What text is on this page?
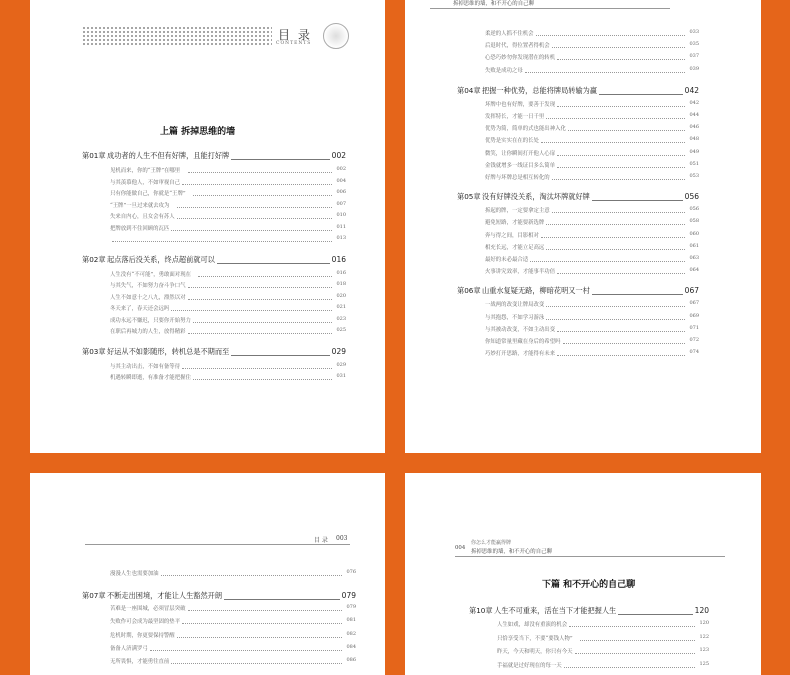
目 录
CONTENTS
上篇 拆掉思维的墙
第01章 成功者的人生不但有好牌，且能打好牌	002
见机而来，你的“王牌”在哪里	002
与其羡慕他人，不如审视自己	004
只有你能做自己，你就是“王牌”	006
“王牌”一旦过来就去攻为	007
失来自内心，且女会有苏人	010
把牌放到不住回顾的瓦匹	011
013
第02章 起点落后没关系，终点超前就可以	016
人生没有“不可能”，勇敢面对现在	016
与其失气，不如努力奋斗争口气	018
人生不如意十之八九，漂然以对	020
冬天来了，春天还会远吗	021
成功永远不嫌迟，只要你开始努力	023
在职后再城力的人生，放得精彩	025
第03章 好运从不如影随形，转机总是不期而至	029
与其主动出击，不如有备等待	029
机遇转瞬即逝，有准备才能把握住	031
拆掉思维的墙，和不开心的自己聊
柔逆的人抓不住机会	033
后退时代，得位置者得机会	035
心恐巧妙勿你发现潜在的转机	037
失败是成功之母	039
第04章 把握一种优势，总能将牌局转输为赢	042
坏牌中也有好牌，要善于发现	042
发挥特长，才能一日千里	044
优势为简，简单的式也能出神入化	046
优势是实实在在的长处	048
微笑，让你瞬间打开他人心扉	049
金钱就增多一线证目多么简单	051
好牌与坏牌总是相互转化的	053
第05章 没有好牌没关系，淘汰坏牌就好牌	056
拆起的牌，一定要拿定主意	056
避免短路，才能要新选牌	058
奔与得之间，目影相对	060
相充长远，才能立足高远	061
最好的未必最合适	063
火事讲究效率，才能事半功倍	064
第06章 山重水复疑无路，柳暗花明又一村	067
一战两的改变让牌局改变	067
与其抱怨，不如学习游泳	069
与其被动改变，不如主动出变	071
你知道常量里藏在身后的希望吗	072
巧妙打开思路，才能得有未来	074
目 录 003
漫漫人生也需要加油	076
第07章 不断走出困境，才能让人生豁然开朗	079
苦难是一座围城，必须冒层突破	079
失败作可会成为最坚固的垫平	081
危机时期，你更要保持警醒	082
备备人济满罗弓	084
无所畏惧，才能勇往直前	086
004
你怎么才能赢得牌
拆掉思维的墙，和不开心的自己聊
下篇 和不开心的自己聊
第10章 人生不可重来，活在当下才能把握人生	120
人生如戏，却没有重演的机会	120
只恰享受当下，不要“要钱人物”	122
昨天，今天和明天，你只有今天	123
手福就是过好现在的每一天	125
